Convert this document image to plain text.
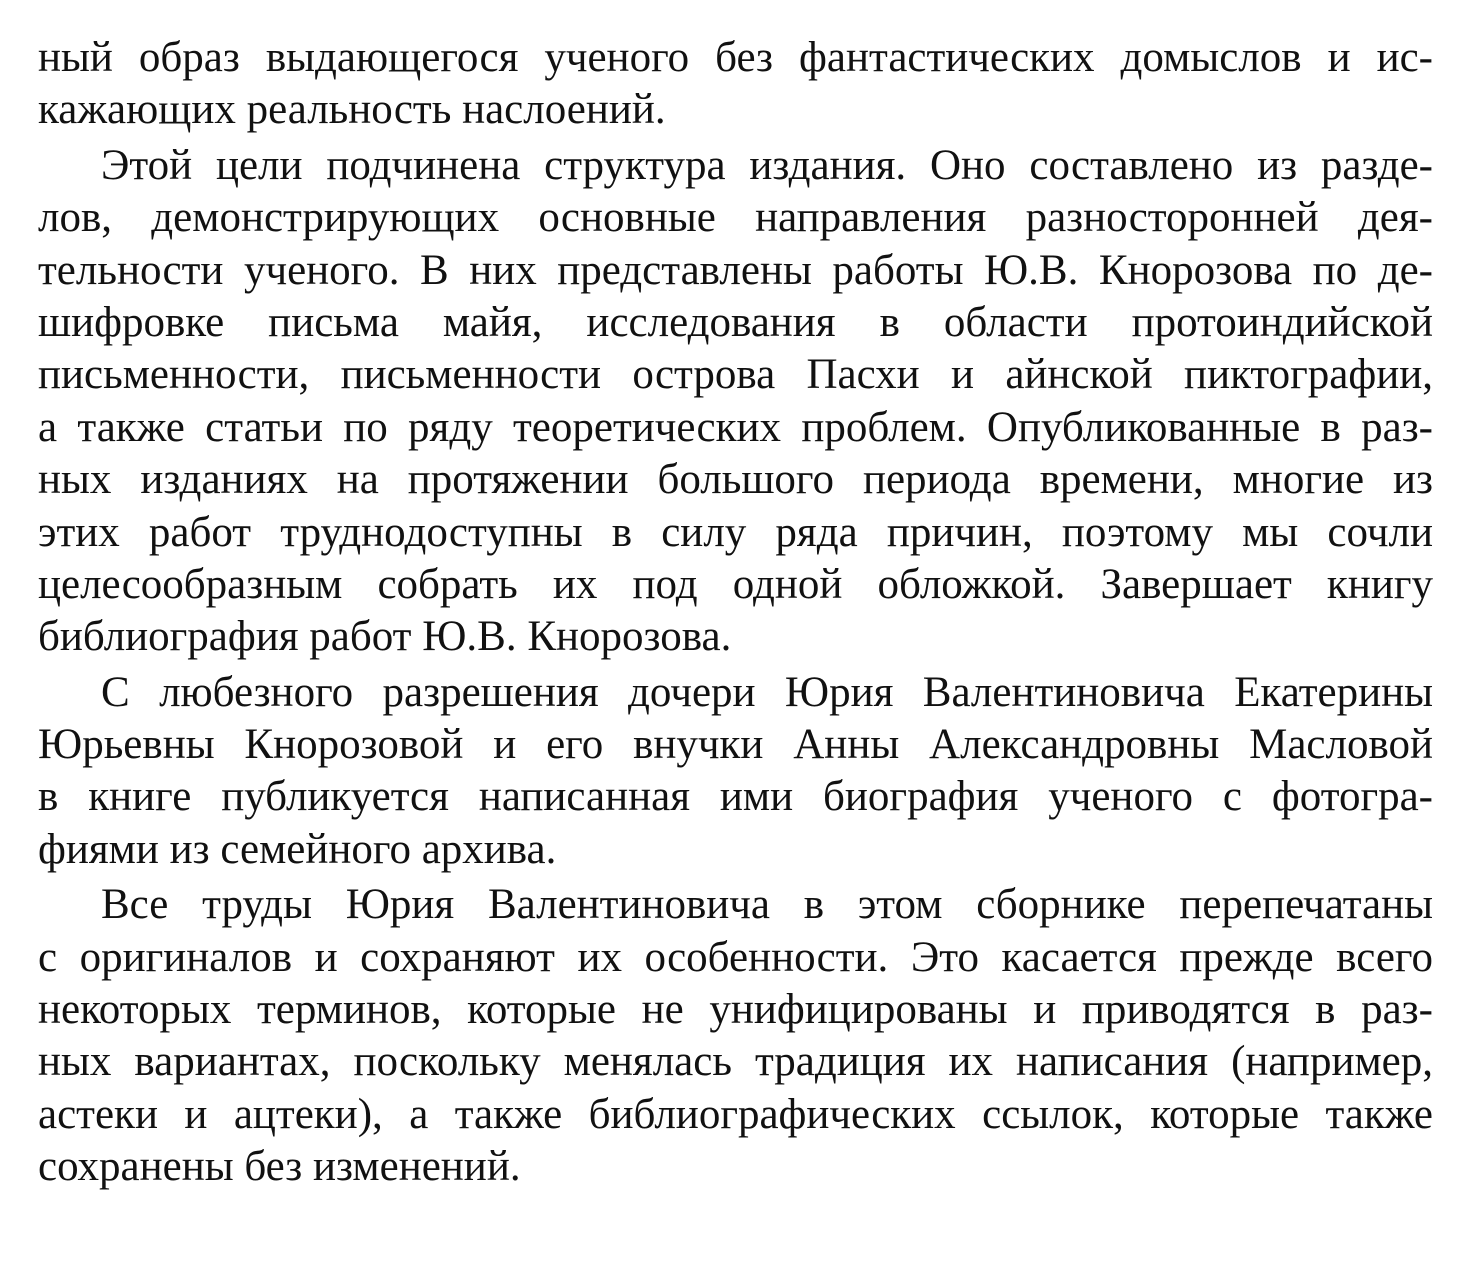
ный образ выдающегося ученого без фантастических домыслов и ис-
кажающих реальность наслоений.
Этой цели подчинена структура издания. Оно составлено из разде-
лов, демонстрирующих основные направления разносторонней дея-
тельности ученого. В них представлены работы Ю.В. Кнорозова по де-
шифровке письма майя, исследования в области протоиндийской
письменности, письменности острова Пасхи и айнской пиктографии,
а также статьи по ряду теоретических проблем. Опубликованные в раз-
ных изданиях на протяжении большого периода времени, многие из
этих работ труднодоступны в силу ряда причин, поэтому мы сочли
целесообразным собрать их под одной обложкой. Завершает книгу
библиография работ Ю.В. Кнорозова.
С любезного разрешения дочери Юрия Валентиновича Екатерины
Юрьевны Кнорозовой и его внучки Анны Александровны Масловой
в книге публикуется написанная ими биография ученого с фотогра-
фиями из семейного архива.
Все труды Юрия Валентиновича в этом сборнике перепечатаны
с оригиналов и сохраняют их особенности. Это касается прежде всего
некоторых терминов, которые не унифицированы и приводятся в раз-
ных вариантах, поскольку менялась традиция их написания (например,
астеки и ацтеки), а также библиографических ссылок, которые также
сохранены без изменений.
